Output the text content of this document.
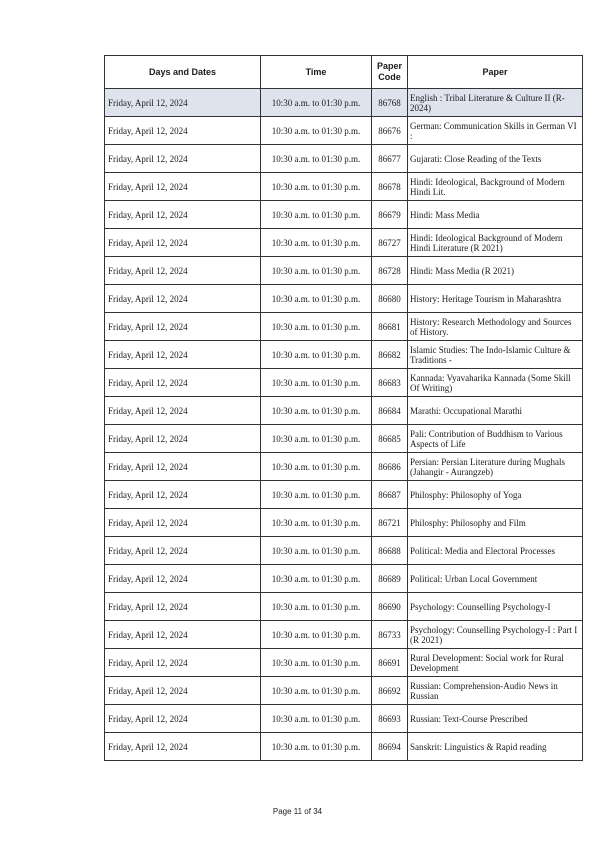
Days and Dates	Time	Paper Code	Paper
Friday, April 12, 2024	10:30 a.m. to 01:30 p.m.	86768	English : Tribal Literature & Culture II (R-2024)
Friday, April 12, 2024	10:30 a.m. to 01:30 p.m.	86676	German: Communication Skills in German VI :
Friday, April 12, 2024	10:30 a.m. to 01:30 p.m.	86677	Gujarati: Close Reading of the Texts
Friday, April 12, 2024	10:30 a.m. to 01:30 p.m.	86678	Hindi: Ideological, Background of Modern Hindi Lit.
Friday, April 12, 2024	10:30 a.m. to 01:30 p.m.	86679	Hindi: Mass Media
Friday, April 12, 2024	10:30 a.m. to 01:30 p.m.	86727	Hindi: Ideological Background of Modern Hindi Literature (R 2021)
Friday, April 12, 2024	10:30 a.m. to 01:30 p.m.	86728	Hindi: Mass Media (R 2021)
Friday, April 12, 2024	10:30 a.m. to 01:30 p.m.	86680	History: Heritage Tourism in Maharashtra
Friday, April 12, 2024	10:30 a.m. to 01:30 p.m.	86681	History: Research Methodology and Sources of History.
Friday, April 12, 2024	10:30 a.m. to 01:30 p.m.	86682	Islamic Studies: The Indo-Islamic Culture & Traditions -
Friday, April 12, 2024	10:30 a.m. to 01:30 p.m.	86683	Kannada: Vyavaharika Kannada (Some Skill Of Writing)
Friday, April 12, 2024	10:30 a.m. to 01:30 p.m.	86684	Marathi: Occupational Marathi
Friday, April 12, 2024	10:30 a.m. to 01:30 p.m.	86685	Pali: Contribution of Buddhism to Various Aspects of Life
Friday, April 12, 2024	10:30 a.m. to 01:30 p.m.	86686	Persian: Persian Literature during Mughals (Jahangir - Aurangzeb)
Friday, April 12, 2024	10:30 a.m. to 01:30 p.m.	86687	Philosphy: Philosophy of Yoga
Friday, April 12, 2024	10:30 a.m. to 01:30 p.m.	86721	Philosphy: Philosophy and Film
Friday, April 12, 2024	10:30 a.m. to 01:30 p.m.	86688	Political: Media and Electoral Processes
Friday, April 12, 2024	10:30 a.m. to 01:30 p.m.	86689	Political: Urban Local Government
Friday, April 12, 2024	10:30 a.m. to 01:30 p.m.	86690	Psychology: Counselling Psychology-I
Friday, April 12, 2024	10:30 a.m. to 01:30 p.m.	86733	Psychology: Counselling Psychology-I : Part I (R 2021)
Friday, April 12, 2024	10:30 a.m. to 01:30 p.m.	86691	Rural Development: Social work for Rural Development
Friday, April 12, 2024	10:30 a.m. to 01:30 p.m.	86692	Russian: Comprehension-Audio News in Russian
Friday, April 12, 2024	10:30 a.m. to 01:30 p.m.	86693	Russian: Text-Course Prescribed
Friday, April 12, 2024	10:30 a.m. to 01:30 p.m.	86694	Sanskrit: Linguistics & Rapid reading
Page 11 of 34
